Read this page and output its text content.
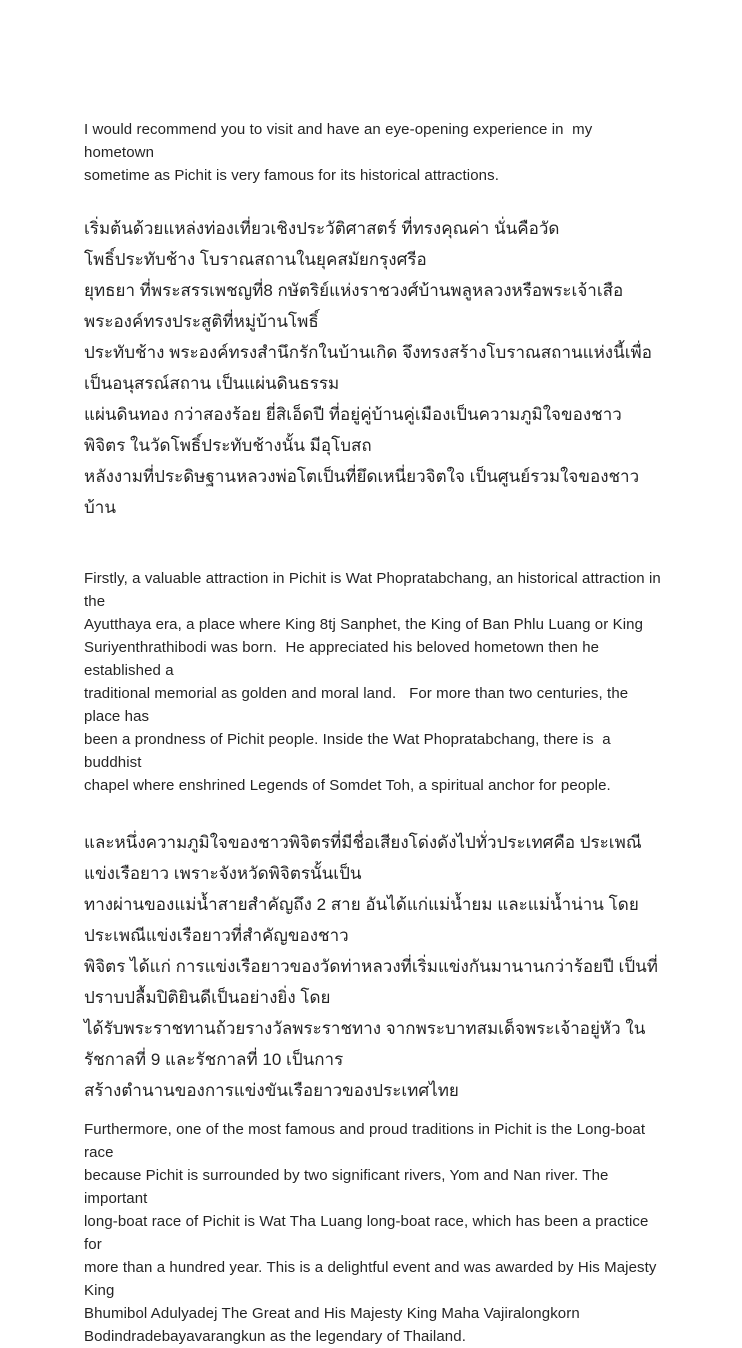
I would recommend you to visit and have an eye-opening experience in  my hometown
sometime as Pichit is very famous for its historical attractions.

เริ่มต้นด้วยแหล่งท่องเที่ยวเชิงประวัติศาสตร์ ที่ทรงคุณค่า นั่นคือวัดโพธิ์ประทับช้าง โบราณสถานในยุคสมัยกรุงศรีอ
ยุทธยา ที่พระสรรเพชญที่8 กษัตริย์แห่งราชวงศ์บ้านพลูหลวงหรือพระเจ้าเสือ พระองค์ทรงประสูติที่หมู่บ้านโพธิ์
ประทับช้าง พระองค์ทรงสำนึกรักในบ้านเกิด จึงทรงสร้างโบราณสถานแห่งนี้เพื่อเป็นอนุสรณ์สถาน เป็นแผ่นดินธรรม
แผ่นดินทอง กว่าสองร้อย ยี่สิเอ็ดปี ที่อยู่คู่บ้านคู่เมืองเป็นความภูมิใจของชาวพิจิตร ในวัดโพธิ์ประทับช้างนั้น มีอุโบสถ
หลังงามที่ประดิษฐานหลวงพ่อโตเป็นที่ยึดเหนี่ยวจิตใจ เป็นศูนย์รวมใจของชาวบ้าน

Firstly, a valuable attraction in Pichit is Wat Phopratabchang, an historical attraction in the
Ayutthaya era, a place where King 8tj Sanphet, the King of Ban Phlu Luang or King
Suriyenthrathibodi was born.  He appreciated his beloved hometown then he established a
traditional memorial as golden and moral land.   For more than two centuries, the place has
been a prondness of Pichit people. Inside the Wat Phopratabchang, there is  a buddhist
chapel where enshrined Legends of Somdet Toh, a spiritual anchor for people.

และหนึ่งความภูมิใจของชาวพิจิตรที่มีชื่อเสียงโด่งดังไปทั่วประเทศคือ ประเพณีแข่งเรือยาว เพราะจังหวัดพิจิตรนั้นเป็น
ทางผ่านของแม่น้ำสายสำคัญถึง 2 สาย อันได้แก่แม่น้ำยม และแม่น้ำน่าน โดยประเพณีแข่งเรือยาวที่สำคัญของชาว
พิจิตร ได้แก่ การแข่งเรือยาวของวัดท่าหลวงที่เริ่มแข่งกันมานานกว่าร้อยปี เป็นที่ปราบปลื้มปิติยินดีเป็นอย่างยิ่ง โดย
ได้รับพระราชทานถ้วยรางวัลพระราชทาง จากพระบาทสมเด็จพระเจ้าอยู่หัว ในรัชกาลที่ 9 และรัชกาลที่ 10 เป็นการ
สร้างตำนานของการแข่งขันเรือยาวของประเทศไทย

Furthermore, one of the most famous and proud traditions in Pichit is the Long-boat race
because Pichit is surrounded by two significant rivers, Yom and Nan river. The important
long-boat race of Pichit is Wat Tha Luang long-boat race, which has been a practice for
more than a hundred year. This is a delightful event and was awarded by His Majesty King
Bhumibol Adulyadej The Great and His Majesty King Maha Vajiralongkorn
Bodindradebayavarangkun as the legendary of Thailand.
